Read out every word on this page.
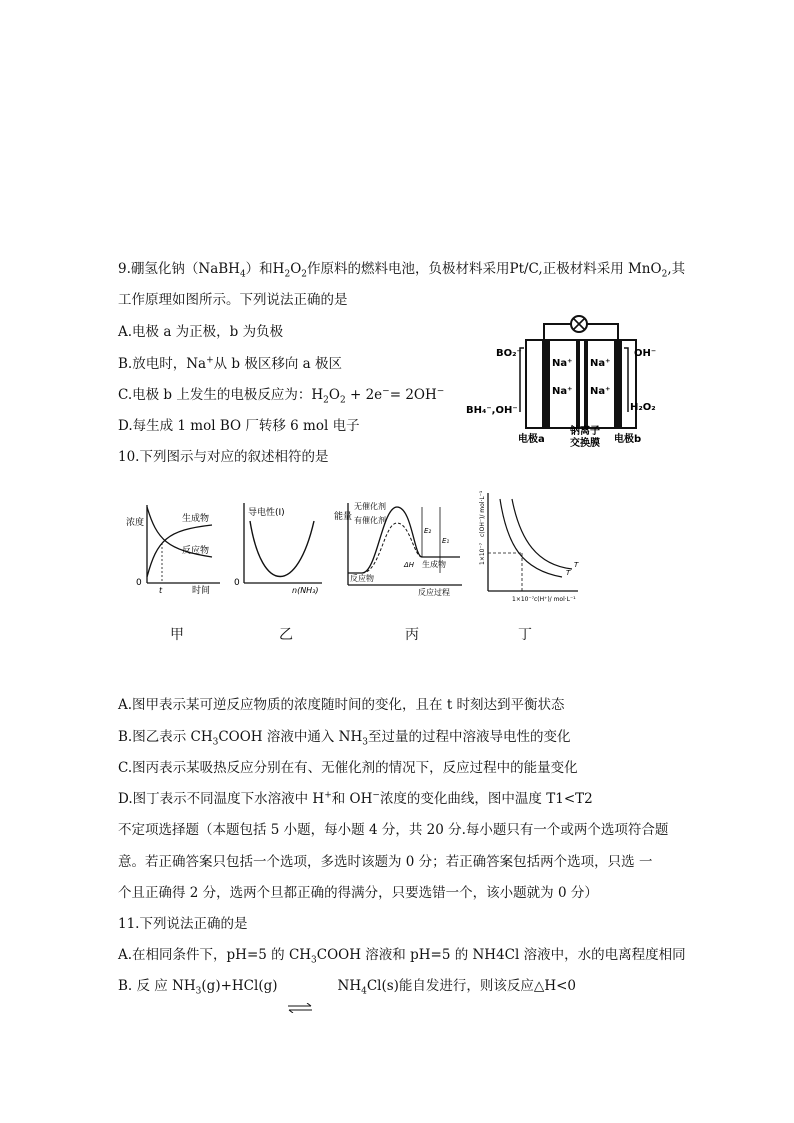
9.硼氢化钠（NaBH$_4$）和$H_2O_2$作原料的燃料电池，负极材料采用Pt/C,正极材料采用 MnO$_2$,其
工作原理如图所示。下列说法正确的是
A.电极 a 为正极，b 为负极
B.放电时，Na+从 b 极区移向 a 极区
C.电极 b 上发生的电极反应为：$H_2O_2 + 2e^-= 2OH^-$
D.每生成 1 mol BO 厂转移 6 mol 电子
Na⁺ Na⁺
Na⁺ Na⁺
BO₂⁻
BH₄⁻,OH⁻
OH⁻
H₂O₂
电极a
钠离子
交换膜 电极b
10.下列图示与对应的叙述相符的是
浓度	生成物
反应物
t	时间
0
导电性(I)
n(NH₃)
0
能量
无催化剂
有催化剂
E₂
E₁
ΔH 生成物
反应物
反应过程
T
T
1×10⁻⁷
c(OH⁻)/ mol·L⁻¹
1×10⁻⁷ c(H⁺)/ mol·L⁻¹
甲	乙	丙	丁
A.图甲表示某可逆反应物质的浓度随时间的变化，且在 t 时刻达到平衡状态
B.图乙表示 $CH_3COOH$ 溶液中通入 $NH_3$至过量的过程中溶液导电性的变化
C.图丙表示某吸热反应分别在有、无催化剂的情况下，反应过程中的能量变化
D.图丁表示不同温度下水溶液中 H+和 OH−浓度的变化曲线，图中温度 T1<T2
不定项选择题（本题包括 5 小题，每小题 4 分，共 20 分.每小题只有一个或两个选项符合题
意。若正确答案只包括一个选项，多选时该题为 0 分；若正确答案包括两个选项，只选 一
个且正确得 2 分，选两个旦都正确的得满分，只要选错一个，该小题就为 0 分）
11.下列说法正确的是
A.在相同条件下，pH=5 的 $CH_3COOH$ 溶液和 pH=5 的 NH4Cl 溶液中，水的电离程度相同
B. 反 应 $NH_3(g)+HCl(g)$	$NH_4Cl(s)$能自发进行，则该反应△H<0
